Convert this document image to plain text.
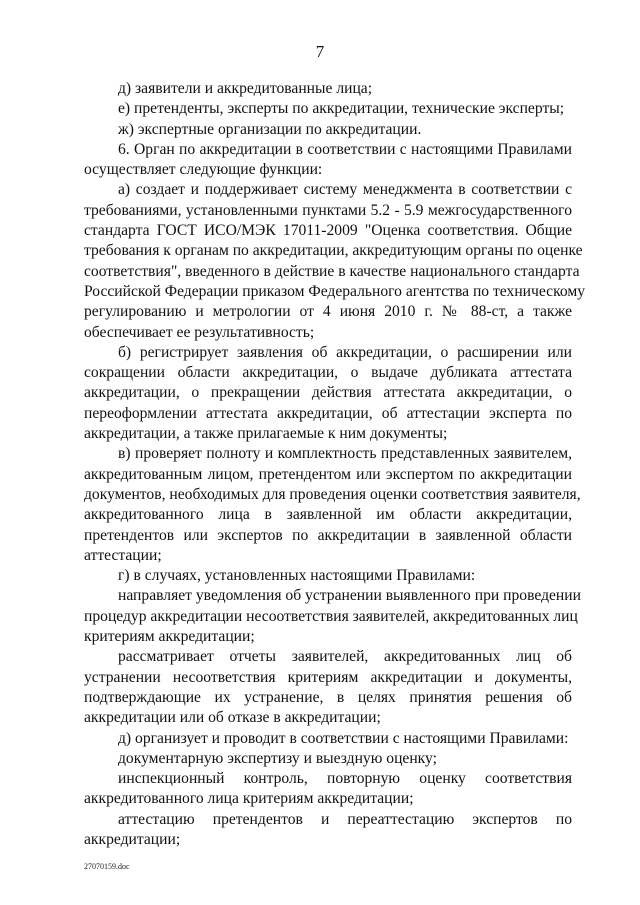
7
д) заявители и аккредитованные лица;
е) претенденты, эксперты по аккредитации, технические эксперты;
ж) экспертные организации по аккредитации.
6. Орган по аккредитации в соответствии с настоящими Правилами
осуществляет следующие функции:
а) создает и поддерживает систему менеджмента в соответствии с
требованиями, установленными пунктами 5.2 - 5.9 межгосударственного
стандарта ГОСТ ИСО/МЭК 17011-2009 "Оценка соответствия. Общие
требования к органам по аккредитации, аккредитующим органы по оценке
соответствия", введенного в действие в качестве национального стандарта
Российской Федерации приказом Федерального агентства по техническому
регулированию и метрологии от 4 июня 2010 г. № 88-ст, а также
обеспечивает ее результативность;
б) регистрирует заявления об аккредитации, о расширении или
сокращении области аккредитации, о выдаче дубликата аттестата
аккредитации, о прекращении действия аттестата аккредитации, о
переоформлении аттестата аккредитации, об аттестации эксперта по
аккредитации, а также прилагаемые к ним документы;
в) проверяет полноту и комплектность представленных заявителем,
аккредитованным лицом, претендентом или экспертом по аккредитации
документов, необходимых для проведения оценки соответствия заявителя,
аккредитованного лица в заявленной им области аккредитации,
претендентов или экспертов по аккредитации в заявленной области
аттестации;
г) в случаях, установленных настоящими Правилами:
направляет уведомления об устранении выявленного при проведении
процедур аккредитации несоответствия заявителей, аккредитованных лиц
критериям аккредитации;
рассматривает отчеты заявителей, аккредитованных лиц об
устранении несоответствия критериям аккредитации и документы,
подтверждающие их устранение, в целях принятия решения об
аккредитации или об отказе в аккредитации;
д) организует и проводит в соответствии с настоящими Правилами:
документарную экспертизу и выездную оценку;
инспекционный контроль, повторную оценку соответствия
аккредитованного лица критериям аккредитации;
аттестацию претендентов и переаттестацию экспертов по
аккредитации;
27070159.doc
